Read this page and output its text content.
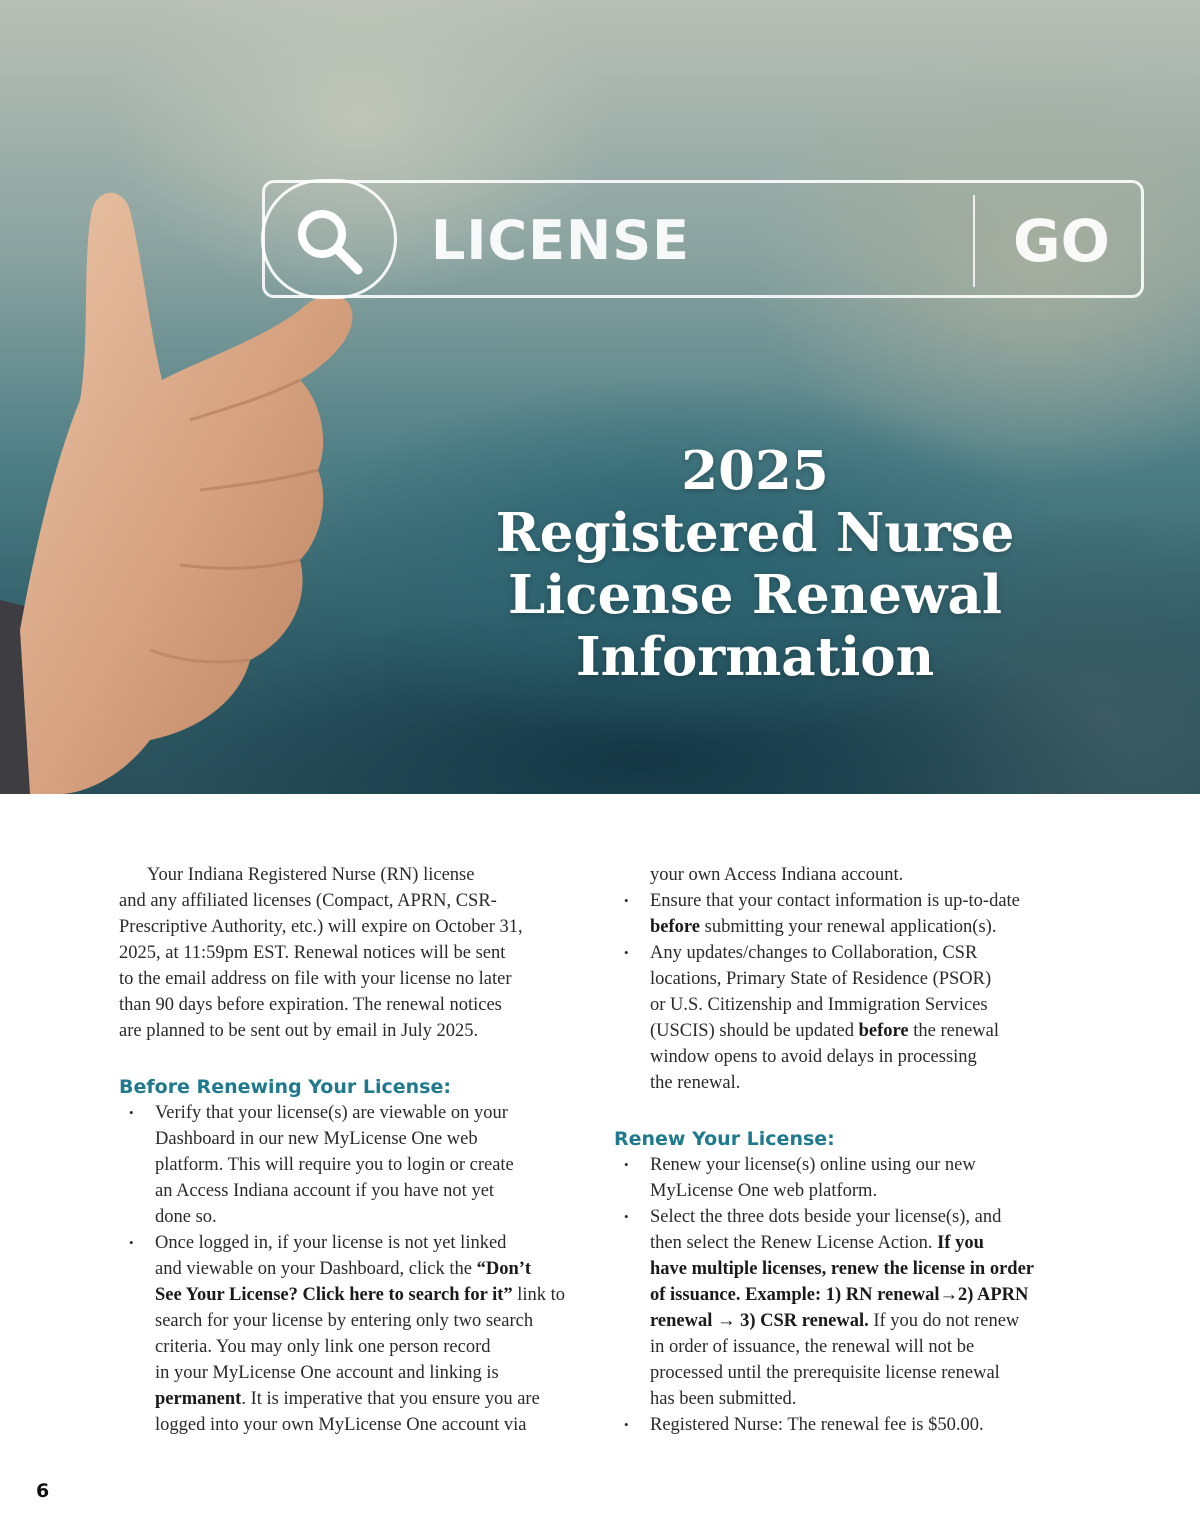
LICENSE	GO
2025
Registered Nurse
License Renewal
Information

Your Indiana Registered Nurse (RN) license

and any affiliated licenses (Compact, APRN, CSR-

Prescriptive Authority, etc.) will expire on October 31,

2025, at 11:59pm EST. Renewal notices will be sent

to the email address on file with your license no later

than 90 days before expiration. The renewal notices

are planned to be sent out by email in July 2025.

Before Renewing Your License:

• Verify that your license(s) are viewable on your
Dashboard in our new MyLicense One web
platform. This will require you to login or create
an Access Indiana account if you have not yet
done so.
• Once logged in, if your license is not yet linked
and viewable on your Dashboard, click the “Don’t
See Your License? Click here to search for it” link to
search for your license by entering only two search
criteria. You may only link one person record
in your MyLicense One account and linking is
permanent. It is imperative that you ensure you are
logged into your own MyLicense One account via
your own Access Indiana account.
• Ensure that your contact information is up-to-date
before submitting your renewal application(s).
• Any updates/changes to Collaboration, CSR
locations, Primary State of Residence (PSOR)
or U.S. Citizenship and Immigration Services
(USCIS) should be updated before the renewal
window opens to avoid delays in processing
the renewal.

Renew Your License:

• Renew your license(s) online using our new
MyLicense One web platform.
• Select the three dots beside your license(s), and
then select the Renew License Action. If you
have multiple licenses, renew the license in order
of issuance. Example: 1) RN renewal→2) APRN
renewal → 3) CSR renewal. If you do not renew
in order of issuance, the renewal will not be
processed until the prerequisite license renewal
has been submitted.
• Registered Nurse: The renewal fee is $50.00.
6
